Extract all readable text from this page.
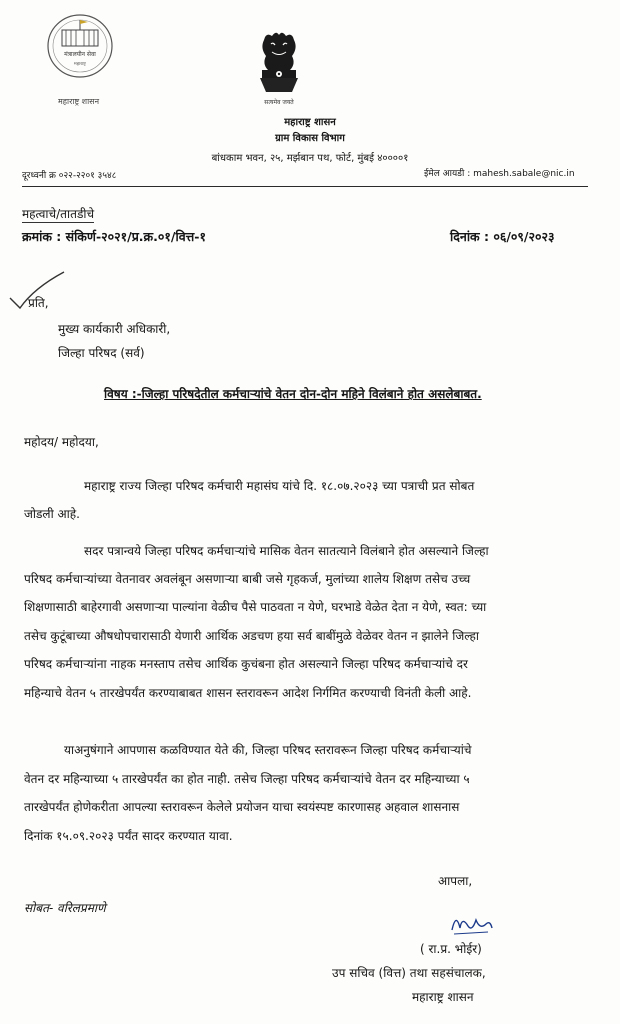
मंत्रालयीन सेवा
महाराष्ट्र
महाराष्ट्र शासन	सत्यमेव जयते
महाराष्ट्र शासन
ग्राम विकास विभाग
बांधकाम भवन, २५, मर्झबान पथ, फोर्ट, मुंबई ४००००१
दूरध्वनी क्र ०२२-२२०१ ३५४८	ईमेल आयडी : mahesh.sabale@nic.in
महत्वाचे/तातडीचे
क्रमांक : संकिर्ण-२०२१/प्र.क्र.०१/वित्त-१	दिनांक : ०६/०९/२०२३
प्रति,
मुख्य कार्यकारी अधिकारी,
जिल्हा परिषद (सर्व)
विषय :-जिल्हा परिषदेतील कर्मचाऱ्यांचे वेतन दोन-दोन महिने विलंबाने होत असलेबाबत.
महोदय/ महोदया,
महाराष्ट्र राज्य जिल्हा परिषद कर्मचारी महासंघ यांचे दि. १८.०७.२०२३ च्या पत्राची प्रत सोबत
जोडली आहे.
सदर पत्रान्वये जिल्हा परिषद कर्मचाऱ्यांचे मासिक वेतन सातत्याने विलंबाने होत असल्याने जिल्हा
परिषद कर्मचाऱ्यांच्या वेतनावर अवलंबून असणाऱ्या बाबी जसे गृहकर्ज, मुलांच्या शालेय शिक्षण तसेच उच्च
शिक्षणासाठी बाहेरगावी असणाऱ्या पाल्यांना वेळीच पैसे पाठवता न येणे, घरभाडे वेळेत देता न येणे, स्वत: च्या
तसेच कुटूंबाच्या औषधोपचारासाठी येणारी आर्थिक अडचण हया सर्व बाबींमुळे वेळेवर वेतन न झालेने जिल्हा
परिषद कर्मचाऱ्यांना नाहक मनस्ताप तसेच आर्थिक कुचंबना होत असल्याने जिल्हा परिषद कर्मचाऱ्यांचे दर
महिन्याचे वेतन ५ तारखेपर्यंत करण्याबाबत शासन स्तरावरून आदेश निर्गमित करण्याची विनंती केली आहे.
याअनुषंगाने आपणास कळविण्यात येते की, जिल्हा परिषद स्तरावरून जिल्हा परिषद कर्मचाऱ्यांचे
वेतन दर महिन्याच्या ५ तारखेपर्यंत का होत नाही. तसेच जिल्हा परिषद कर्मचाऱ्यांचे वेतन दर महिन्याच्या ५
तारखेपर्यंत होणेकरीता आपल्या स्तरावरून केलेले प्रयोजन याचा स्वयंस्पष्ट कारणासह अहवाल शासनास
दिनांक १५.०९.२०२३ पर्यंत सादर करण्यात यावा.
आपला,
सोबत- वरिलप्रमाणे
( रा.प्र. भोईर)
उप सचिव (वित्त) तथा सहसंचालक,
महाराष्ट्र शासन
